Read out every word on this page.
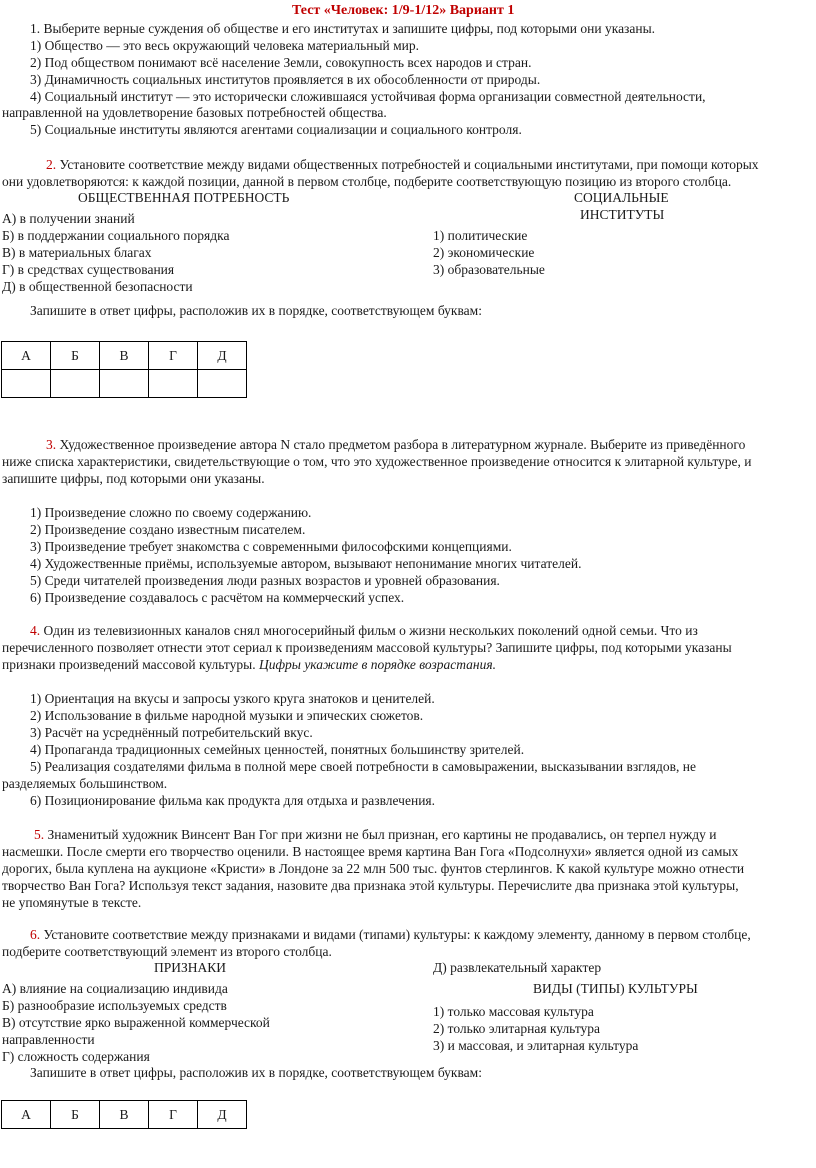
Тест «Человек: 1/9-1/12» Вариант 1
1. Выберите верные суждения об обществе и его институтах и запишите цифры, под которыми они указаны.
1) Общество — это весь окружающий человека материальный мир.
2) Под обществом понимают всё население Земли, совокупность всех народов и стран.
3) Динамичность социальных институтов проявляется в их обособленности от природы.
4) Социальный институт — это исторически сложившаяся устойчивая форма организации совместной деятельности,
направленной на удовлетворение базовых потребностей общества.
5) Социальные институты являются агентами социализации и социального контроля.
2. Установите соответствие между видами общественных потребностей и социальными институтами, при помощи которых
они удовлетворяются: к каждой позиции, данной в первом столбце, подберите соответствующую позицию из второго столбца.
ОБЩЕСТВЕННАЯ ПОТРЕБНОСТЬ	СОЦИАЛЬНЫЕ
ИНСТИТУТЫ
А) в получении знаний
Б) в поддержании социального порядка
В) в материальных благах
Г) в средствах существования
Д) в общественной безопасности
1) политические
2) экономические
3) образовательные
Запишите в ответ цифры, расположив их в порядке, соответствующем буквам:
А	Б	В	Г	Д

3. Художественное произведение автора N стало предметом разбора в литературном журнале. Выберите из приведённого
ниже списка характеристики, свидетельствующие о том, что это художественное произведение относится к элитарной культуре, и
запишите цифры, под которыми они указаны.
1) Произведение сложно по своему содержанию.
2) Произведение создано известным писателем.
3) Произведение требует знакомства с современными философскими концепциями.
4) Художественные приёмы, используемые автором, вызывают непонимание многих читателей.
5) Среди читателей произведения люди разных возрастов и уровней образования.
6) Произведение создавалось с расчётом на коммерческий успех.
4. Один из телевизионных каналов снял многосерийный фильм о жизни нескольких поколений одной семьи. Что из
перечисленного позволяет отнести этот сериал к произведениям массовой культуры? Запишите цифры, под которыми указаны
признаки произведений массовой культуры. Цифры укажите в порядке возрастания.
1) Ориентация на вкусы и запросы узкого круга знатоков и ценителей.
2) Использование в фильме народной музыки и эпических сюжетов.
3) Расчёт на усреднённый потребительский вкус.
4) Пропаганда традиционных семейных ценностей, понятных большинству зрителей.
5) Реализация создателями фильма в полной мере своей потребности в самовыражении, высказывании взглядов, не
разделяемых большинством.
6) Позиционирование фильма как продукта для отдыха и развлечения.
5. Знаменитый художник Винсент Ван Гог при жизни не был признан, его картины не продавались, он терпел нужду и
насмешки. После смерти его творчество оценили. В настоящее время картина Ван Гога «Подсолнухи» является одной из самых
дорогих, была куплена на аукционе «Кристи» в Лондоне за 22 млн 500 тыс. фунтов стерлингов. К какой культуре можно отнести
творчество Ван Гога? Используя текст задания, назовите два признака этой культуры. Перечислите два признака этой культуры,
не упомянутые в тексте.
6. Установите соответствие между признаками и видами (типами) культуры: к каждому элементу, данному в первом столбце,
подберите соответствующий элемент из второго столбца.
ПРИЗНАКИ	Д) развлекательный характер
А) влияние на социализацию индивида	ВИДЫ (ТИПЫ) КУЛЬТУРЫ
Б) разнообразие используемых средств	1) только массовая культура
В) отсутствие ярко выраженной коммерческой	2) только элитарная культура
направленности	3) и массовая, и элитарная культура
Г) сложность содержания
Запишите в ответ цифры, расположив их в порядке, соответствующем буквам:
А	Б	В	Г	Д
